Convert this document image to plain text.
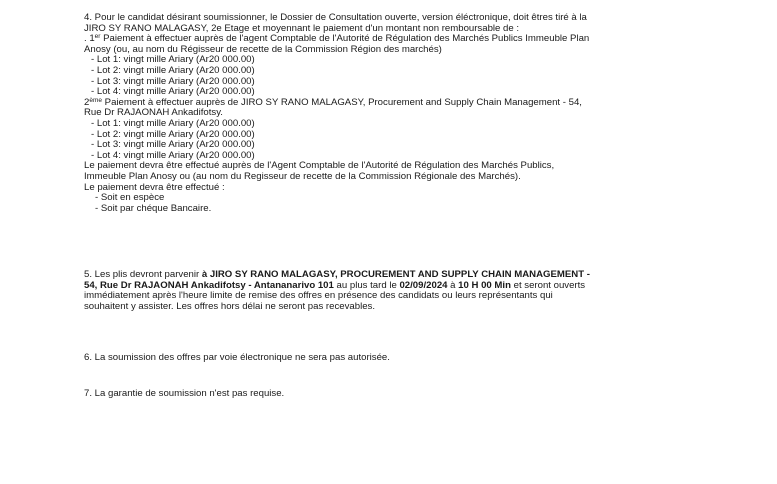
4. Pour le candidat désirant soumissionner, le Dossier de Consultation ouverte, version éléctronique, doit êtres tiré à la

JIRO SY RANO MALAGASY, 2e Etage et moyennant le paiement d'un montant non remboursable de :

. 1er Paiement à effectuer auprès de l'agent Comptable de l'Autorité de Régulation des Marchés Publics Immeuble Plan

Anosy (ou, au nom du Régisseur de recette de la Commission Région des marchés)

- Lot 1: vingt mille Ariary (Ar20 000.00)

- Lot 2: vingt mille Ariary (Ar20 000.00)

- Lot 3: vingt mille Ariary (Ar20 000.00)

- Lot 4: vingt mille Ariary (Ar20 000.00)

2ème Paiement à effectuer auprès de JIRO SY RANO MALAGASY, Procurement and Supply Chain Management - 54,

Rue Dr RAJAONAH Ankadifotsy.

- Lot 1: vingt mille Ariary (Ar20 000.00)

- Lot 2: vingt mille Ariary (Ar20 000.00)

- Lot 3: vingt mille Ariary (Ar20 000.00)

- Lot 4: vingt mille Ariary (Ar20 000.00)

Le paiement devra être effectué auprès de l'Agent Comptable de l'Autorité de Régulation des Marchés Publics,

Immeuble Plan Anosy ou (au nom du Regisseur de recette de la Commission Régionale des Marchés).

Le paiement devra être effectué :

- Soit en espèce

- Soit par chéque Bancaire.

5. Les plis devront parvenir à JIRO SY RANO MALAGASY, PROCUREMENT AND SUPPLY CHAIN MANAGEMENT -

54, Rue Dr RAJAONAH Ankadifotsy - Antananarivo 101 au plus tard le 02/09/2024 à 10 H 00 Min et seront ouverts

immédiatement après l'heure limite de remise des offres en présence des candidats ou leurs représentants qui

souhaitent y assister. Les offres hors délai ne seront pas recevables.

6. La soumission des offres par voie électronique ne sera pas autorisée.

7. La garantie de soumission n'est pas requise.
